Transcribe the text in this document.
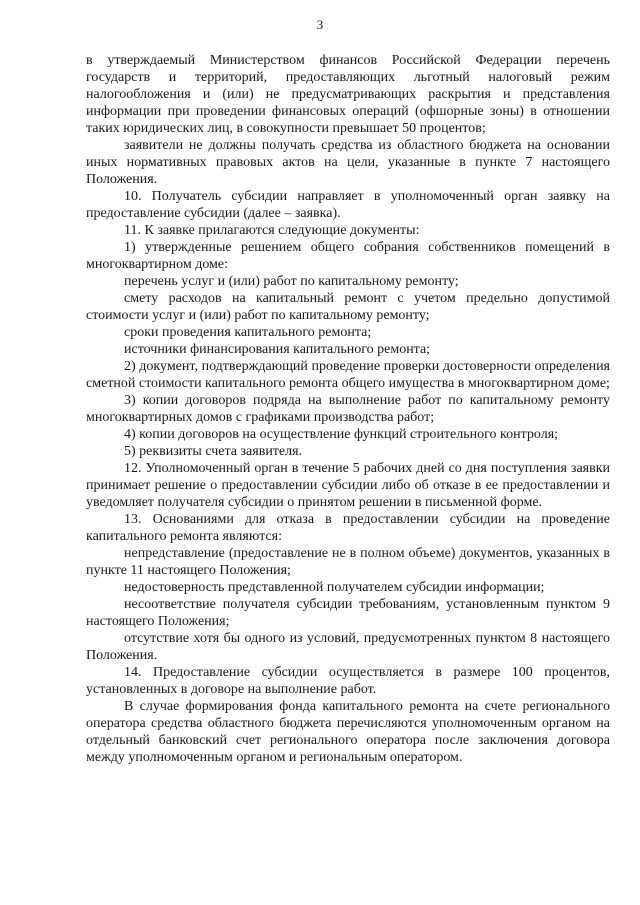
3

в утверждаемый Министерством финансов Российской Федерации перечень государств и территорий, предоставляющих льготный налоговый режим налогообложения и (или) не предусматривающих раскрытия и представления информации при проведении финансовых операций (офшорные зоны) в отношении таких юридических лиц, в совокупности превышает 50 процентов;

заявители не должны получать средства из областного бюджета на основании иных нормативных правовых актов на цели, указанные в пункте 7 настоящего Положения.

10. Получатель субсидии направляет в уполномоченный орган заявку на предоставление субсидии (далее – заявка).

11. К заявке прилагаются следующие документы:

1) утвержденные решением общего собрания собственников помещений в многоквартирном доме:

перечень услуг и (или) работ по капитальному ремонту;

смету расходов на капитальный ремонт с учетом предельно допустимой стоимости услуг и (или) работ по капитальному ремонту;

сроки проведения капитального ремонта;

источники финансирования капитального ремонта;

2) документ, подтверждающий проведение проверки достоверности определения сметной стоимости капитального ремонта общего имущества в многоквартирном доме;

3) копии договоров подряда на выполнение работ по капитальному ремонту многоквартирных домов с графиками производства работ;

4) копии договоров на осуществление функций строительного контроля;

5) реквизиты счета заявителя.

12. Уполномоченный орган в течение 5 рабочих дней со дня поступления заявки принимает решение о предоставлении субсидии либо об отказе в ее предоставлении и уведомляет получателя субсидии о принятом решении в письменной форме.

13. Основаниями для отказа в предоставлении субсидии на проведение капитального ремонта являются:

непредставление (предоставление не в полном объеме) документов, указанных в пункте 11 настоящего Положения;

недостоверность представленной получателем субсидии информации;

несоответствие получателя субсидии требованиям, установленным пунктом 9 настоящего Положения;

отсутствие хотя бы одного из условий, предусмотренных пунктом 8 настоящего Положения.

14. Предоставление субсидии осуществляется в размере 100 процентов, установленных в договоре на выполнение работ.

В случае формирования фонда капитального ремонта на счете регионального оператора средства областного бюджета перечисляются уполномоченным органом на отдельный банковский счет регионального оператора после заключения договора между уполномоченным органом и региональным оператором.
